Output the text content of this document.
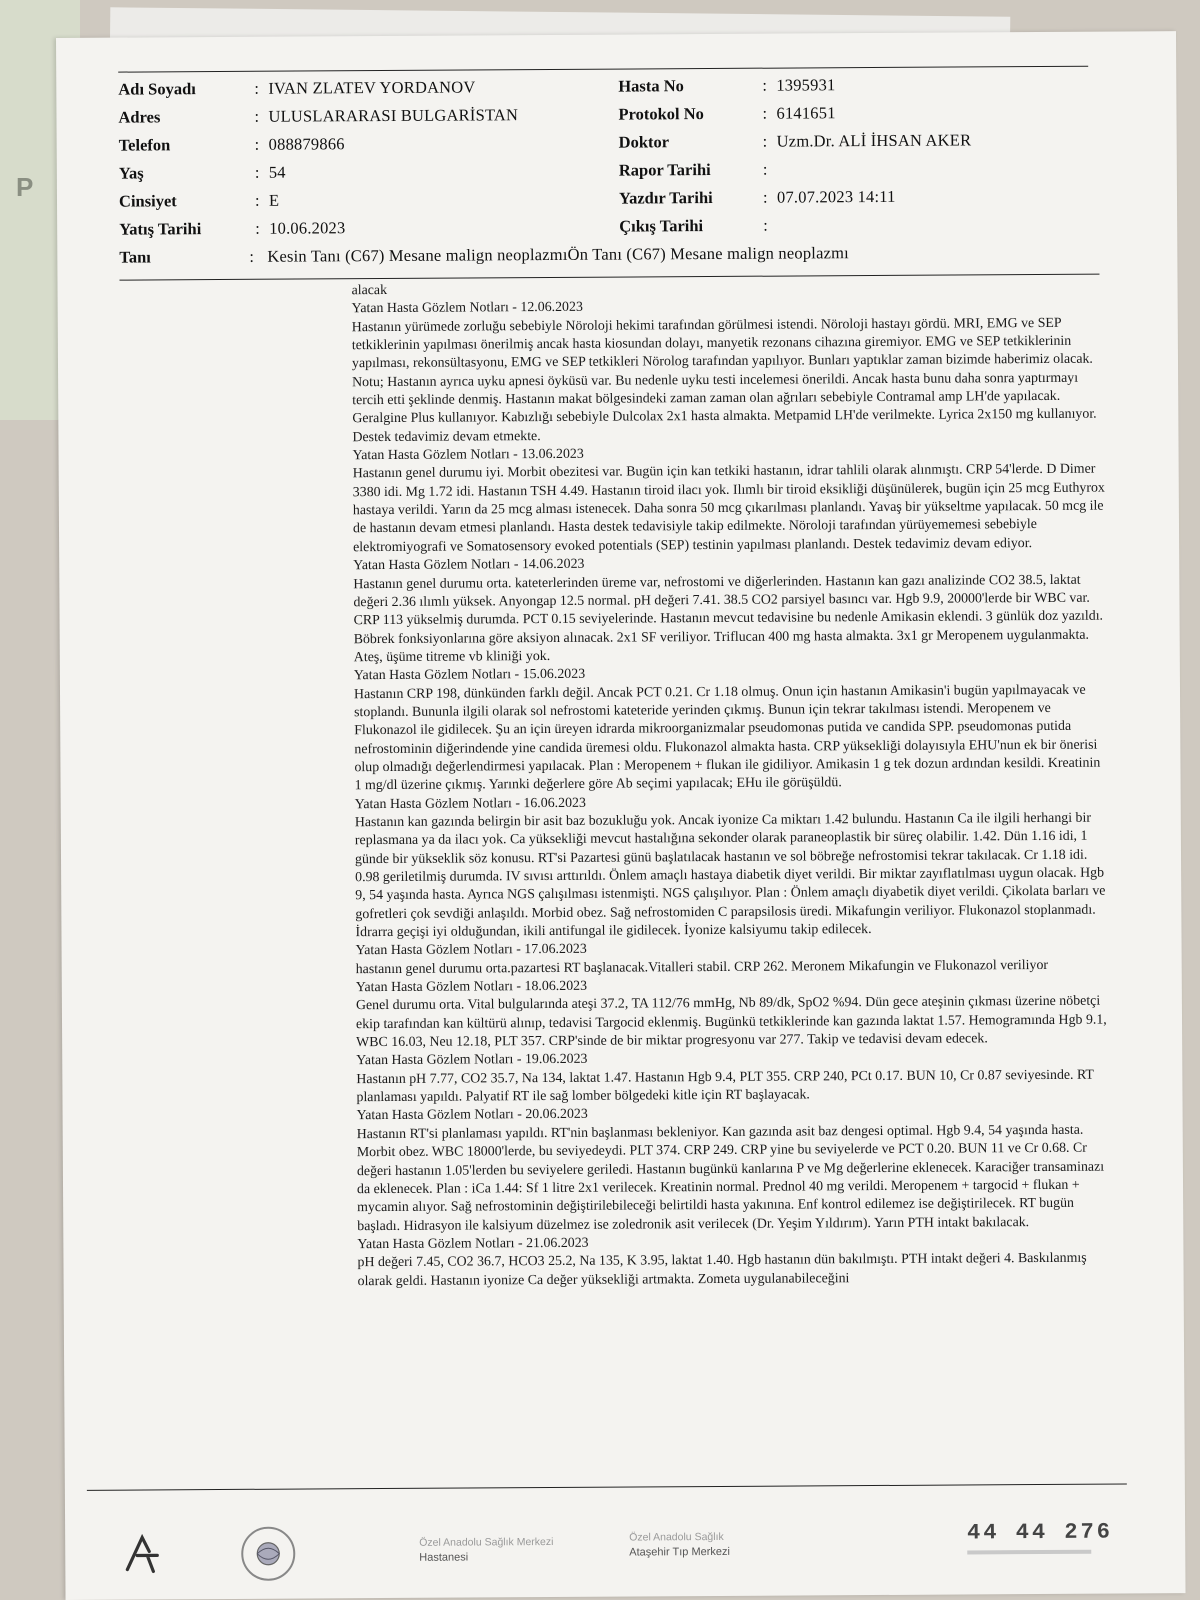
P
Adı Soyadı	: IVAN ZLATEV YORDANOV
Adres	: ULUSLARARASI BULGARİSTAN
Telefon	: 088879866
Yaş	: 54
Cinsiyet	: E
Yatış Tarihi	: 10.06.2023
Hasta No	: 1395931
Protokol No	: 6141651
Doktor	: Uzm.Dr. ALİ İHSAN AKER
Rapor Tarihi	:
Yazdır Tarihi	: 07.07.2023 14:11
Çıkış Tarihi	:
Tanı	: Kesin Tanı (C67) Mesane malign neoplazmıÖn Tanı (C67) Mesane malign neoplazmı

alacak

Yatan Hasta Gözlem Notları - 12.06.2023

Hastanın yürümede zorluğu sebebiyle Nöroloji hekimi tarafından görülmesi istendi. Nöroloji hastayı gördü. MRI, EMG ve SEP tetkiklerinin yapılması önerilmiş ancak hasta kiosundan dolayı, manyetik rezonans cihazına giremiyor. EMG ve SEP tetkiklerinin yapılması, rekonsültasyonu, EMG ve SEP tetkikleri Nörolog tarafından yapılıyor. Bunları yaptıklar zaman bizimde haberimiz olacak. Notu; Hastanın ayrıca uyku apnesi öyküsü var. Bu nedenle uyku testi incelemesi önerildi. Ancak hasta bunu daha sonra yaptırmayı tercih etti şeklinde denmiş. Hastanın makat bölgesindeki zaman zaman olan ağrıları sebebiyle Contramal amp LH'de yapılacak. Geralgine Plus kullanıyor. Kabızlığı sebebiyle Dulcolax 2x1 hasta almakta. Metpamid LH'de verilmekte. Lyrica 2x150 mg kullanıyor. Destek tedavimiz devam etmekte.

Yatan Hasta Gözlem Notları - 13.06.2023

Hastanın genel durumu iyi. Morbit obezitesi var. Bugün için kan tetkiki hastanın, idrar tahlili olarak alınmıştı. CRP 54'lerde. D Dimer 3380 idi. Mg 1.72 idi. Hastanın TSH 4.49. Hastanın tiroid ilacı yok. Ilımlı bir tiroid eksikliği düşünülerek, bugün için 25 mcg Euthyrox hastaya verildi. Yarın da 25 mcg alması istenecek. Daha sonra 50 mcg çıkarılması planlandı. Yavaş bir yükseltme yapılacak. 50 mcg ile de hastanın devam etmesi planlandı. Hasta destek tedavisiyle takip edilmekte. Nöroloji tarafından yürüyememesi sebebiyle elektromiyografi ve Somatosensory evoked potentials (SEP) testinin yapılması planlandı. Destek tedavimiz devam ediyor.

Yatan Hasta Gözlem Notları - 14.06.2023

Hastanın genel durumu orta. kateterlerinden üreme var, nefrostomi ve diğerlerinden. Hastanın kan gazı analizinde CO2 38.5, laktat değeri 2.36 ılımlı yüksek. Anyongap 12.5 normal. pH değeri 7.41. 38.5 CO2 parsiyel basıncı var. Hgb 9.9, 20000'lerde bir WBC var. CRP 113 yükselmiş durumda. PCT 0.15 seviyelerinde. Hastanın mevcut tedavisine bu nedenle Amikasin eklendi. 3 günlük doz yazıldı. Böbrek fonksiyonlarına göre aksiyon alınacak. 2x1 SF veriliyor. Triflucan 400 mg hasta almakta. 3x1 gr Meropenem uygulanmakta. Ateş, üşüme titreme vb kliniği yok.

Yatan Hasta Gözlem Notları - 15.06.2023

Hastanın CRP 198, dünkünden farklı değil. Ancak PCT 0.21. Cr 1.18 olmuş. Onun için hastanın Amikasin'i bugün yapılmayacak ve stoplandı. Bununla ilgili olarak sol nefrostomi kateteride yerinden çıkmış. Bunun için tekrar takılması istendi. Meropenem ve Flukonazol ile gidilecek. Şu an için üreyen idrarda mikroorganizmalar pseudomonas putida ve candida SPP. pseudomonas putida nefrostominin diğerindende yine candida üremesi oldu. Flukonazol almakta hasta. CRP yüksekliği dolayısıyla EHU'nun ek bir önerisi olup olmadığı değerlendirmesi yapılacak. Plan : Meropenem + flukan ile gidiliyor. Amikasin 1 g tek dozun ardından kesildi. Kreatinin 1 mg/dl üzerine çıkmış. Yarınki değerlere göre Ab seçimi yapılacak; EHu ile görüşüldü.

Yatan Hasta Gözlem Notları - 16.06.2023

Hastanın kan gazında belirgin bir asit baz bozukluğu yok. Ancak iyonize Ca miktarı 1.42 bulundu. Hastanın Ca ile ilgili herhangi bir replasmana ya da ilacı yok. Ca yüksekliği mevcut hastalığına sekonder olarak paraneoplastik bir süreç olabilir. 1.42. Dün 1.16 idi, 1 günde bir yükseklik söz konusu. RT'si Pazartesi günü başlatılacak hastanın ve sol böbreğe nefrostomisi tekrar takılacak. Cr 1.18 idi. 0.98 geriletilmiş durumda. IV sıvısı arttırıldı. Önlem amaçlı hastaya diabetik diyet verildi. Bir miktar zayıflatılması uygun olacak. Hgb 9, 54 yaşında hasta. Ayrıca NGS çalışılması istenmişti. NGS çalışılıyor. Plan : Önlem amaçlı diyabetik diyet verildi. Çikolata barları ve gofretleri çok sevdiği anlaşıldı. Morbid obez. Sağ nefrostomiden C parapsilosis üredi. Mikafungin veriliyor. Flukonazol stoplanmadı. İdrarra geçişi iyi olduğundan, ikili antifungal ile gidilecek. İyonize kalsiyumu takip edilecek.

Yatan Hasta Gözlem Notları - 17.06.2023

hastanın genel durumu orta.pazartesi RT başlanacak.Vitalleri stabil. CRP 262. Meronem Mikafungin ve Flukonazol veriliyor

Yatan Hasta Gözlem Notları - 18.06.2023

Genel durumu orta. Vital bulgularında ateşi 37.2, TA 112/76 mmHg, Nb 89/dk, SpO2 %94. Dün gece ateşinin çıkması üzerine nöbetçi ekip tarafından kan kültürü alınıp, tedavisi Targocid eklenmiş. Bugünkü tetkiklerinde kan gazında laktat 1.57. Hemogramında Hgb 9.1, WBC 16.03, Neu 12.18, PLT 357. CRP'sinde de bir miktar progresyonu var 277. Takip ve tedavisi devam edecek.

Yatan Hasta Gözlem Notları - 19.06.2023

Hastanın pH 7.77, CO2 35.7, Na 134, laktat 1.47. Hastanın Hgb 9.4, PLT 355. CRP 240, PCt 0.17. BUN 10, Cr 0.87 seviyesinde. RT planlaması yapıldı. Palyatif RT ile sağ lomber bölgedeki kitle için RT başlayacak.

Yatan Hasta Gözlem Notları - 20.06.2023

Hastanın RT'si planlaması yapıldı. RT'nin başlanması bekleniyor. Kan gazında asit baz dengesi optimal. Hgb 9.4, 54 yaşında hasta. Morbit obez. WBC 18000'lerde, bu seviyedeydi. PLT 374. CRP 249. CRP yine bu seviyelerde ve PCT 0.20. BUN 11 ve Cr 0.68. Cr değeri hastanın 1.05'lerden bu seviyelere geriledi. Hastanın bugünkü kanlarına P ve Mg değerlerine eklenecek. Karaciğer transaminazı da eklenecek. Plan : iCa 1.44: Sf 1 litre 2x1 verilecek. Kreatinin normal. Prednol 40 mg verildi. Meropenem + targocid + flukan + mycamin alıyor. Sağ nefrostominin değiştirilebileceği belirtildi hasta yakınına. Enf kontrol edilemez ise değiştirilecek. RT bugün başladı. Hidrasyon ile kalsiyum düzelmez ise zoledronik asit verilecek (Dr. Yeşim Yıldırım). Yarın PTH intakt bakılacak.

Yatan Hasta Gözlem Notları - 21.06.2023

pH değeri 7.45, CO2 36.7, HCO3 25.2, Na 135, K 3.95, laktat 1.40. Hgb hastanın dün bakılmıştı. PTH intakt değeri 4. Baskılanmış olarak geldi. Hastanın iyonize Ca değer yüksekliği artmakta. Zometa uygulanabileceğini

Özel Anadolu Sağlık Merkezi
Hastanesi
Özel Anadolu Sağlık
Ataşehir Tıp Merkezi
44 44 276
